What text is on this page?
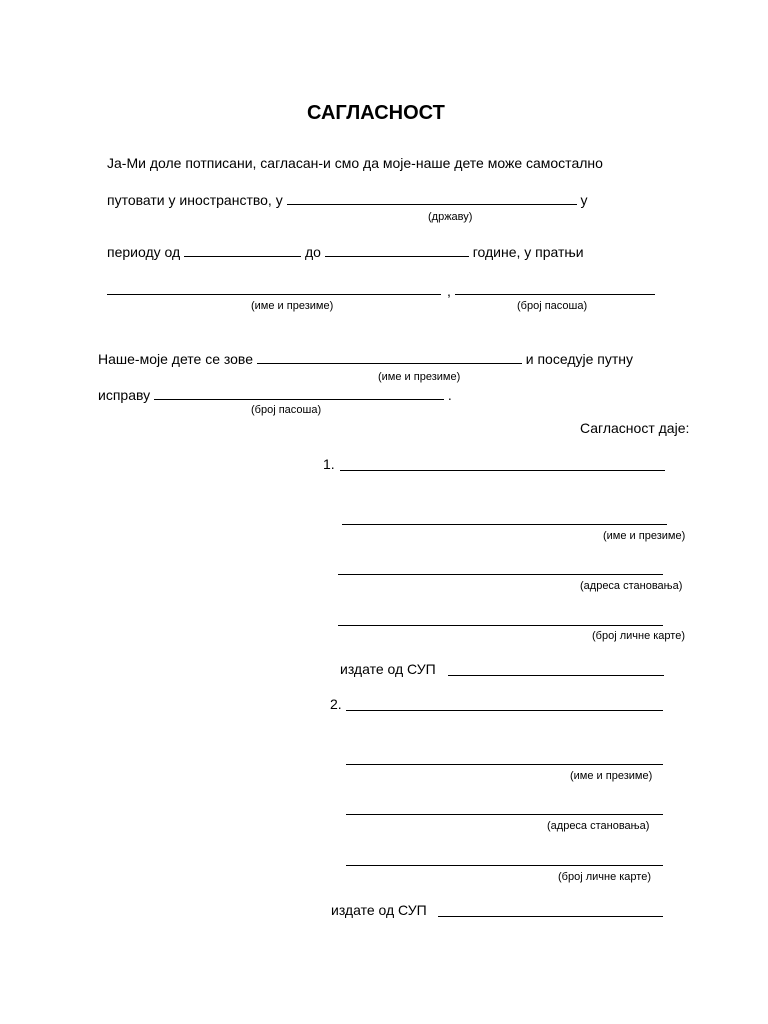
САГЛАСНОСТ
Ја-Ми доле потписани, сагласан-и смо да моје-наше дете може самостално
путовати у иностранство, у	у
(државу)
периоду од	до	године, у пратњи
,
(име и презиме)	(број пасоша)
Наше-моје дете се зове	и поседује путну
(име и презиме)
исправу	.
(број пасоша)
Сагласност даје:
1.
(име и презиме)
(адреса становања)
(број личне карте)
издате од СУП
2.
(име и презиме)
(адреса становања)
(број личне карте)
издате од СУП
